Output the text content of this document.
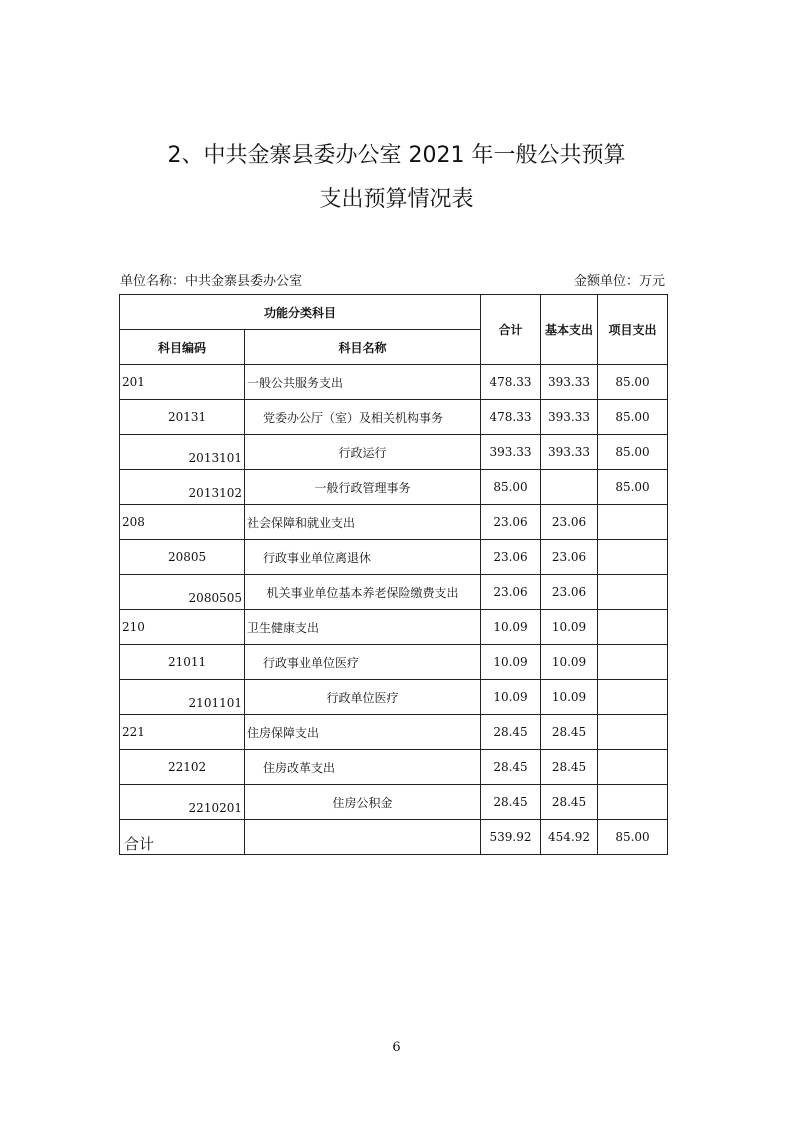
2、中共金寨县委办公室 2021 年一般公共预算
支出预算情况表
单位名称：中共金寨县委办公室	金额单位：万元
功能分类科目		合计	基本支出	项目支出
科目编码	科目名称			
201	一般公共服务支出	478.33	393.33	85.00
20131	党委办公厅（室）及相关机构事务	478.33	393.33	85.00
2013101	行政运行	393.33	393.33	85.00
2013102	一般行政管理事务	85.00		85.00
208	社会保障和就业支出	23.06	23.06	
20805	行政事业单位离退休	23.06	23.06	
2080505	机关事业单位基本养老保险缴费支出	23.06	23.06	
210	卫生健康支出	10.09	10.09	
21011	行政事业单位医疗	10.09	10.09	
2101101	行政单位医疗	10.09	10.09	
221	住房保障支出	28.45	28.45	
22102	住房改革支出	28.45	28.45	
2210201	住房公积金	28.45	28.45	
合计		539.92	454.92	85.00
6
